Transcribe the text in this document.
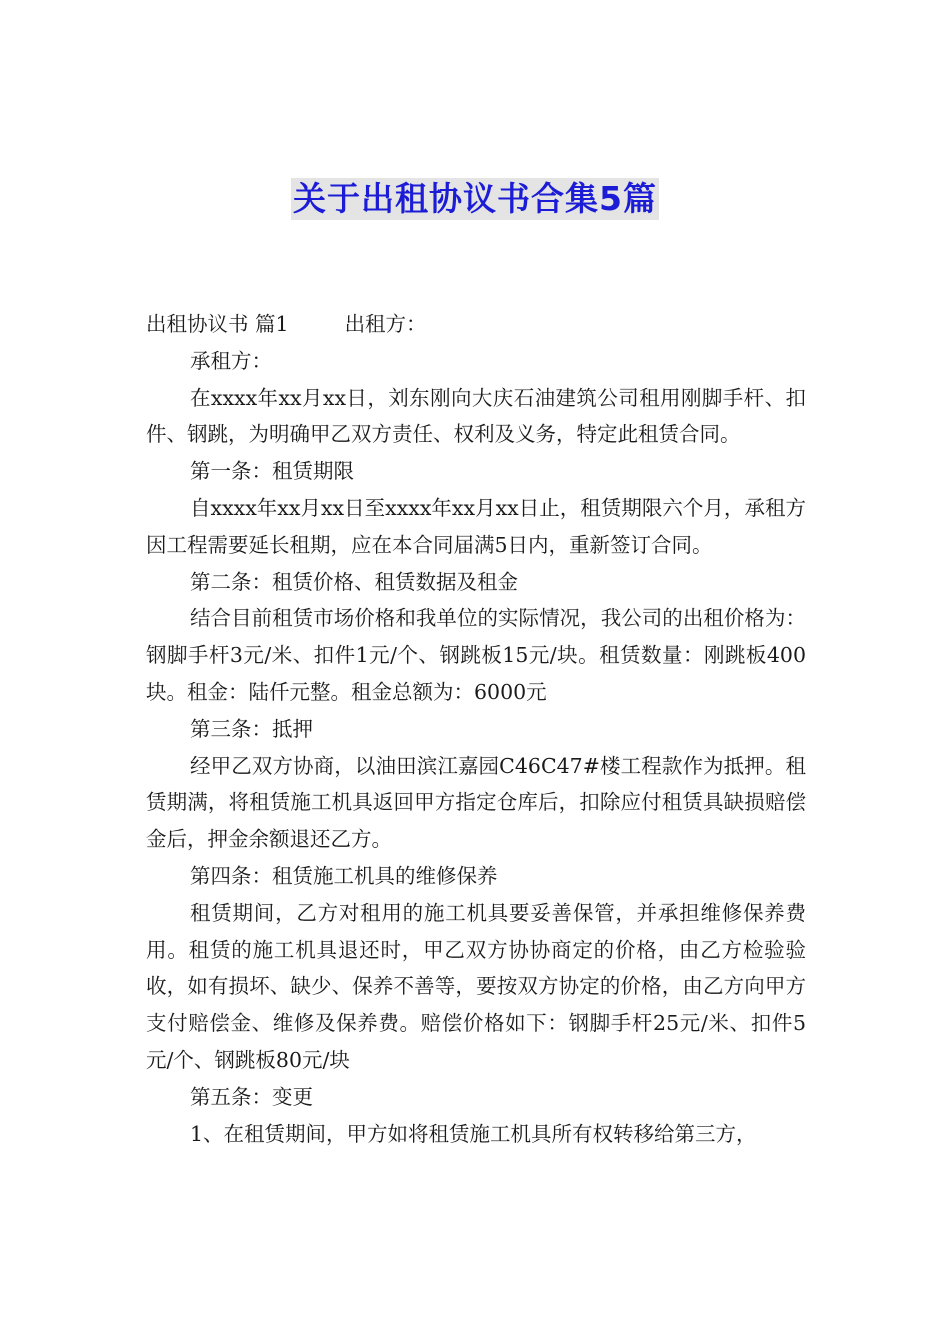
关于出租协议书合集5篇

出租协议书 篇1	出租方：

承租方：

在xxxx年xx月xx日，刘东刚向大庆石油建筑公司租用刚脚手杆、扣件、钢跳，为明确甲乙双方责任、权利及义务，特定此租赁合同。

第一条：租赁期限

自xxxx年xx月xx日至xxxx年xx月xx日止，租赁期限六个月，承租方因工程需要延长租期，应在本合同届满5日内，重新签订合同。

第二条：租赁价格、租赁数据及租金

结合目前租赁市场价格和我单位的实际情况，我公司的出租价格为：钢脚手杆3元/米、扣件1元/个、钢跳板15元/块。租赁数量：刚跳板400块。租金：陆仟元整。租金总额为：6000元

第三条：抵押

经甲乙双方协商，以油田滨江嘉园C46C47#楼工程款作为抵押。租赁期满，将租赁施工机具返回甲方指定仓库后，扣除应付租赁具缺损赔偿金后，押金余额退还乙方。

第四条：租赁施工机具的维修保养

租赁期间，乙方对租用的施工机具要妥善保管，并承担维修保养费用。租赁的施工机具退还时，甲乙双方协协商定的价格，由乙方检验验收，如有损坏、缺少、保养不善等，要按双方协定的价格，由乙方向甲方支付赔偿金、维修及保养费。赔偿价格如下：钢脚手杆25元/米、扣件5元/个、钢跳板80元/块

第五条：变更

1、在租赁期间，甲方如将租赁施工机具所有权转移给第三方，
